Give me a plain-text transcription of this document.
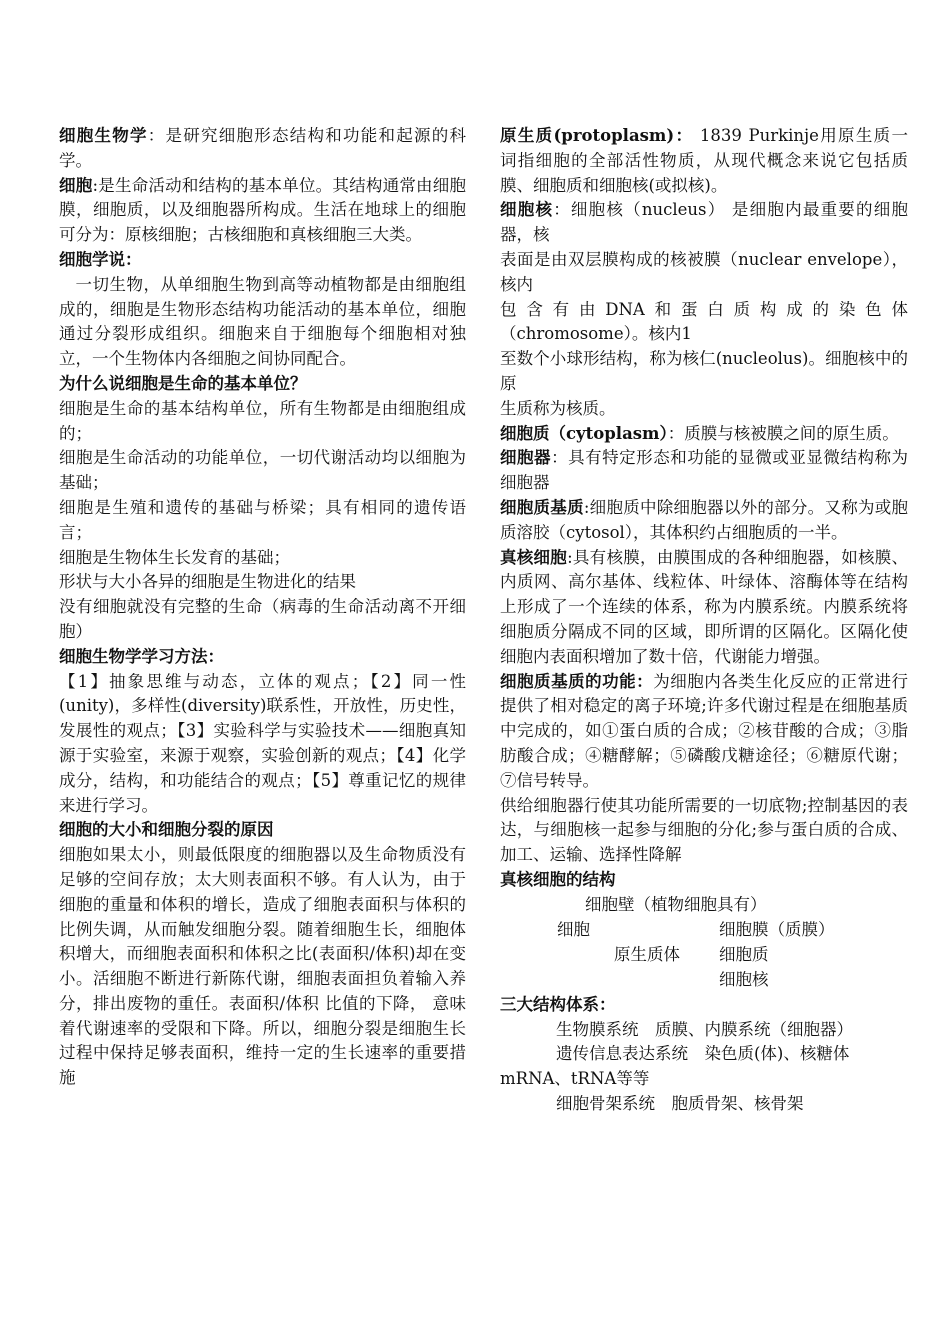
细胞生物学：是研究细胞形态结构和功能和起源的科学。

细胞:是生命活动和结构的基本单位。其结构通常由细胞膜，细胞质，以及细胞器所构成。生活在地球上的细胞可分为：原核细胞；古核细胞和真核细胞三大类。

细胞学说：

一切生物，从单细胞生物到高等动植物都是由细胞组成的，细胞是生物形态结构功能活动的基本单位，细胞通过分裂形成组织。细胞来自于细胞每个细胞相对独立，一个生物体内各细胞之间协同配合。

为什么说细胞是生命的基本单位？

细胞是生命的基本结构单位，所有生物都是由细胞组成的；

细胞是生命活动的功能单位，一切代谢活动均以细胞为基础；

细胞是生殖和遗传的基础与桥梁；具有相同的遗传语言；

细胞是生物体生长发育的基础；

形状与大小各异的细胞是生物进化的结果

没有细胞就没有完整的生命（病毒的生命活动离不开细胞）

细胞生物学学习方法：

【1】抽象思维与动态，立体的观点；【2】同一性(unity)，多样性(diversity)联系性，开放性，历史性，发展性的观点；【3】实验科学与实验技术——细胞真知源于实验室，来源于观察，实验创新的观点；【4】化学成分，结构，和功能结合的观点；【5】尊重记忆的规律来进行学习。

细胞的大小和细胞分裂的原因

细胞如果太小，则最低限度的细胞器以及生命物质没有足够的空间存放；太大则表面积不够。有人认为，由于细胞的重量和体积的增长，造成了细胞表面积与体积的比例失调，从而触发细胞分裂。随着细胞生长，细胞体积增大，而细胞表面积和体积之比(表面积/体积)却在变小。活细胞不断进行新陈代谢，细胞表面担负着输入养分，排出废物的重任。表面积/体积 比值的下降， 意味着代谢速率的受限和下降。所以，细胞分裂是细胞生长过程中保持足够表面积，维持一定的生长速率的重要措施

原生质(protoplasm)： 1839 Purkinje用原生质一词指细胞的全部活性物质，从现代概念来说它包括质膜、细胞质和细胞核(或拟核)。

细胞核：细胞核（nucleus） 是细胞内最重要的细胞器，核

表面是由双层膜构成的核被膜（nuclear envelope），核内

包含有由DNA和蛋白质构成的染色体（chromosome）。核内1

至数个小球形结构，称为核仁(nucleolus)。细胞核中的原

生质称为核质。

细胞质（cytoplasm）：质膜与核被膜之间的原生质。

细胞器：具有特定形态和功能的显微或亚显微结构称为细胞器

细胞质基质:细胞质中除细胞器以外的部分。又称为或胞质溶胶（cytosol），其体积约占细胞质的一半。

真核细胞:具有核膜，由膜围成的各种细胞器，如核膜、内质网、高尔基体、线粒体、叶绿体、溶酶体等在结构上形成了一个连续的体系，称为内膜系统。内膜系统将细胞质分隔成不同的区域，即所谓的区隔化。区隔化使细胞内表面积增加了数十倍，代谢能力增强。

细胞质基质的功能：为细胞内各类生化反应的正常进行提供了相对稳定的离子环境;许多代谢过程是在细胞基质中完成的，如①蛋白质的合成；②核苷酸的合成；③脂肪酸合成；④糖酵解；⑤磷酸戊糖途径；⑥糖原代谢；⑦信号转导。

供给细胞器行使其功能所需要的一切底物;控制基因的表达，与细胞核一起参与细胞的分化;参与蛋白质的合成、加工、运输、选择性降解

真核细胞的结构

细胞壁（植物细胞具有）
细胞	细胞膜（质膜）
原生质体 细胞质
细胞核

三大结构体系：

生物膜系统　质膜、内膜系统（细胞器）

遗传信息表达系统　染色质(体)、核糖体

mRNA、tRNA等等

细胞骨架系统　胞质骨架、核骨架
